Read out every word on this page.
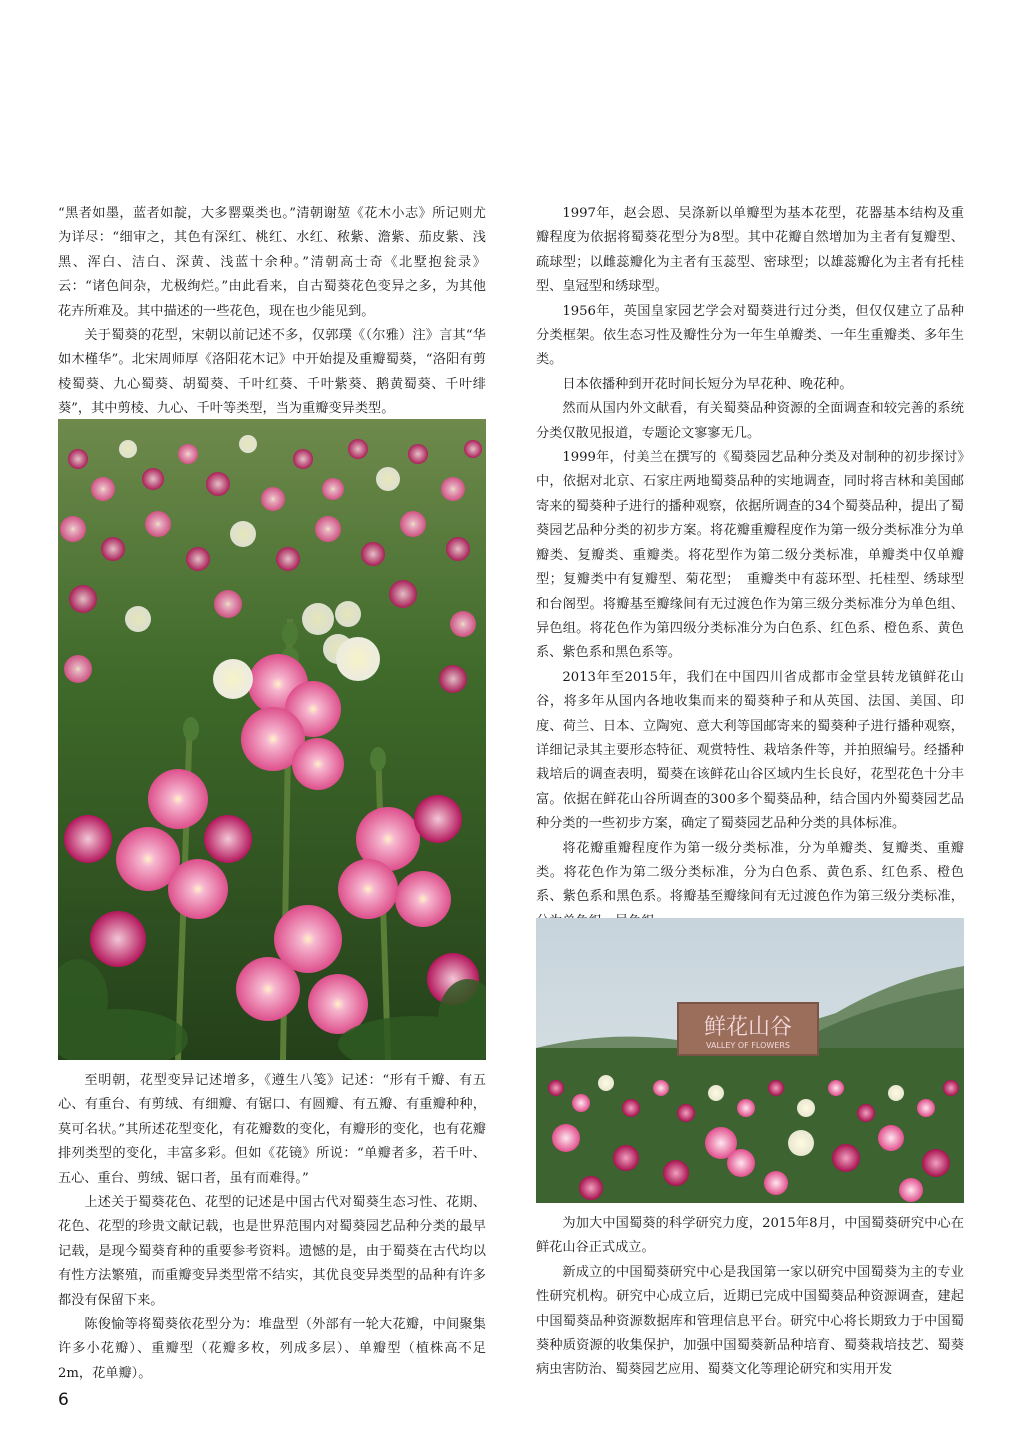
“黑者如墨，蓝者如靛，大多罂粟类也。”清朝谢堃《花木小志》所记则尤为详尽：“细审之，其色有深红、桃红、水红、秾紫、澹紫、茄皮紫、浅黑、浑白、洁白、深黄、浅蓝十余种。”清朝高士奇《北墅抱瓮录》云：“诸色间杂，尤极绚烂。”由此看来，自古蜀葵花色变异之多，为其他花卉所难及。其中描述的一些花色，现在也少能见到。

关于蜀葵的花型，宋朝以前记述不多，仅郭璞《（尔雅）注》言其“华如木槿华”。北宋周师厚《洛阳花木记》中开始提及重瓣蜀葵，“洛阳有剪棱蜀葵、九心蜀葵、胡蜀葵、千叶红葵、千叶紫葵、鹅黄蜀葵、千叶绯葵”，其中剪棱、九心、千叶等类型，当为重瓣变异类型。

至明朝，花型变异记述增多，《遵生八笺》记述：“形有千瓣、有五心、有重台、有剪绒、有细瓣、有锯口、有圆瓣、有五瓣、有重瓣种种，莫可名状。”其所述花型变化，有花瓣数的变化，有瓣形的变化，也有花瓣排列类型的变化，丰富多彩。但如《花镜》所说：“单瓣者多，若千叶、五心、重台、剪绒、锯口者，虽有而难得。”

上述关于蜀葵花色、花型的记述是中国古代对蜀葵生态习性、花期、花色、花型的珍贵文献记载，也是世界范围内对蜀葵园艺品种分类的最早记载，是现今蜀葵育种的重要参考资料。遗憾的是，由于蜀葵在古代均以有性方法繁殖，而重瓣变异类型常不结实，其优良变异类型的品种有许多都没有保留下来。

陈俊愉等将蜀葵依花型分为：堆盘型（外部有一轮大花瓣，中间聚集许多小花瓣）、重瓣型（花瓣多枚，列成多层）、单瓣型（植株高不足2m，花单瓣）。

1997年，赵会恩、吴涤新以单瓣型为基本花型，花器基本结构及重瓣程度为依据将蜀葵花型分为8型。其中花瓣自然增加为主者有复瓣型、疏球型；以雌蕊瓣化为主者有玉蕊型、密球型；以雄蕊瓣化为主者有托桂型、皇冠型和绣球型。

1956年，英国皇家园艺学会对蜀葵进行过分类，但仅仅建立了品种分类框架。依生态习性及瓣性分为一年生单瓣类、一年生重瓣类、多年生类。

日本依播种到开花时间长短分为早花种、晚花种。

然而从国内外文献看，有关蜀葵品种资源的全面调查和较完善的系统分类仅散见报道，专题论文寥寥无几。

1999年，付美兰在撰写的《蜀葵园艺品种分类及对制种的初步探讨》中，依据对北京、石家庄两地蜀葵品种的实地调查，同时将吉林和美国邮寄来的蜀葵种子进行的播种观察，依据所调查的34个蜀葵品种，提出了蜀葵园艺品种分类的初步方案。将花瓣重瓣程度作为第一级分类标准分为单瓣类、复瓣类、重瓣类。将花型作为第二级分类标准，单瓣类中仅单瓣型；复瓣类中有复瓣型、菊花型；　重瓣类中有蕊环型、托桂型、绣球型和台阁型。将瓣基至瓣缘间有无过渡色作为第三级分类标准分为单色组、异色组。将花色作为第四级分类标准分为白色系、红色系、橙色系、黄色系、紫色系和黑色系等。

2013年至2015年，我们在中国四川省成都市金堂县转龙镇鲜花山谷，将多年从国内各地收集而来的蜀葵种子和从英国、法国、美国、印度、荷兰、日本、立陶宛、意大利等国邮寄来的蜀葵种子进行播种观察，详细记录其主要形态特征、观赏特性、栽培条件等，并拍照编号。经播种栽培后的调查表明，蜀葵在该鲜花山谷区域内生长良好，花型花色十分丰富。依据在鲜花山谷所调查的300多个蜀葵品种，结合国内外蜀葵园艺品种分类的一些初步方案，确定了蜀葵园艺品种分类的具体标准。

将花瓣重瓣程度作为第一级分类标准，分为单瓣类、复瓣类、重瓣类。将花色作为第二级分类标准，分为白色系、黄色系、红色系、橙色系、紫色系和黑色系。将瓣基至瓣缘间有无过渡色作为第三级分类标准，

鲜花山谷
VALLEY OF FLOWERS

为加大中国蜀葵的科学研究力度，2015年8月，中国蜀葵研究中心在鲜花山谷正式成立。

新成立的中国蜀葵研究中心是我国第一家以研究中国蜀葵为主的专业性研究机构。研究中心成立后，近期已完成中国蜀葵品种资源调查，建起中国蜀葵品种资源数据库和管理信息平台。研究中心将长期致力于中国蜀葵种质资源的收集保护，加强中国蜀葵新品种培育、蜀葵栽培技艺、蜀葵病虫害防治、蜀葵园艺应用、蜀葵文化等理论研究和实用开发

6
